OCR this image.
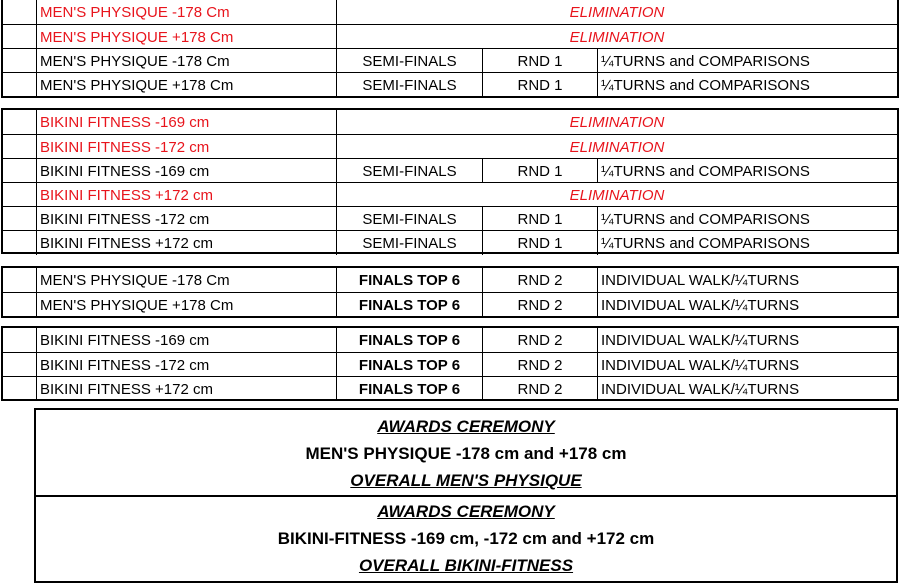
MEN'S PHYSIQUE -178 Cm	ELIMINATION
MEN'S PHYSIQUE +178 Cm	ELIMINATION
MEN'S PHYSIQUE -178 Cm	SEMI-FINALS	RND 1	¼TURNS and COMPARISONS
MEN'S PHYSIQUE +178 Cm	SEMI-FINALS	RND 1	¼TURNS and COMPARISONS
BIKINI FITNESS -169 cm	ELIMINATION
BIKINI FITNESS -172 cm	ELIMINATION
BIKINI FITNESS -169 cm	SEMI-FINALS	RND 1	¼TURNS and COMPARISONS
BIKINI FITNESS +172 cm	ELIMINATION
BIKINI FITNESS -172 cm	SEMI-FINALS	RND 1	¼TURNS and COMPARISONS
BIKINI FITNESS +172 cm	SEMI-FINALS	RND 1	¼TURNS and COMPARISONS
MEN'S PHYSIQUE -178 Cm	FINALS TOP 6	RND 2	INDIVIDUAL WALK/¼TURNS
MEN'S PHYSIQUE +178 Cm	FINALS TOP 6	RND 2	INDIVIDUAL WALK/¼TURNS
BIKINI FITNESS -169 cm	FINALS TOP 6	RND 2	INDIVIDUAL WALK/¼TURNS
BIKINI FITNESS -172 cm	FINALS TOP 6	RND 2	INDIVIDUAL WALK/¼TURNS
BIKINI FITNESS +172 cm	FINALS TOP 6	RND 2	INDIVIDUAL WALK/¼TURNS
AWARDS CEREMONY
MEN'S PHYSIQUE -178 cm and +178 cm
OVERALL MEN'S PHYSIQUE
AWARDS CEREMONY
BIKINI-FITNESS -169 cm, -172 cm and +172 cm
OVERALL BIKINI-FITNESS
